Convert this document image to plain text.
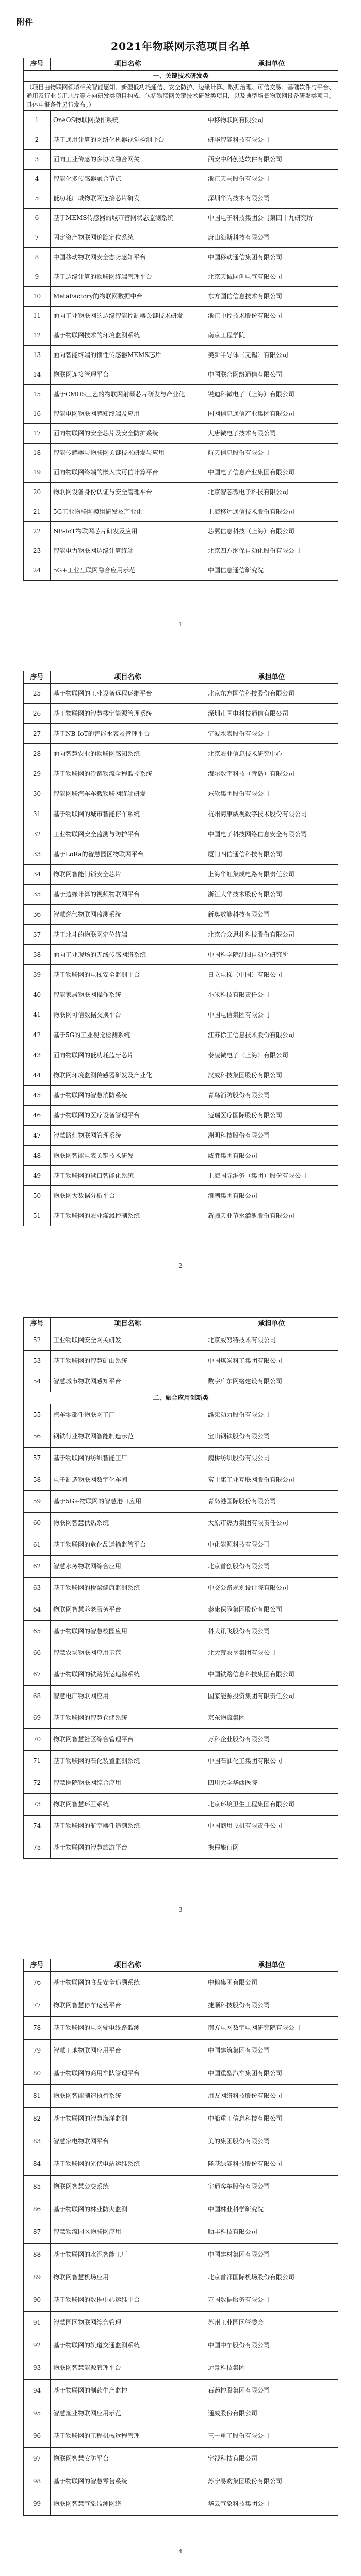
附件
2021年物联网示范项目名单
序号	项目名称	承担单位
一、关键技术研发类		
（项目由物联网领域相关智能感知、新型低功耗通信、安全防护、边缘计算、数据治理、可信交易、基础软件与平台、通用及行业专用芯片等方向研发类项目构成，包括物联网关键技术研发类项目，以及典型场景物联网设备研发类项目。具体申报条件另行发布。）		
1	OneOS物联网操作系统	中移物联网有限公司
2	基于通用计算的网络化机器视觉检测平台	研华智能科技有限公司
3	面向工业传感的多协议融合网关	西安中科创达软件有限公司
4	智能化多传感器融合节点	浙江天马股份有限公司
5	低功耗广域物联网连接芯片研发	深圳华为技术有限公司
6	基于MEMS传感器的城市管网状态监测系统	中国电子科技集团公司第四十九研究所
7	固定资产物联网追踪定位系统	唐山海斯科技有限公司
8	中国移动物联网安全态势感知平台	中国移动通信集团有限公司
9	基于边缘计算的物联网终端管理平台	北京天诚同创电气有限公司
10	MetaFactory的物联网数据中台	东方国信信息技术有限公司
11	面向工业物联网的边缘智能控制器关键技术研发	浙江中控技术股份有限公司
12	基于物联网技术的环境监测系统	南京工程学院
13	面向智能终端的惯性传感器MEMS芯片	美新半导体（无锡）有限公司
14	物联网连接管理平台	中国联合网络通信有限公司
15	基于CMOS工艺的物联网射频芯片研发与产业化	锐迪科微电子（上海）有限公司
16	智能电网物联网感知终端及应用	国网信息通信产业集团有限公司
17	面向物联网的安全芯片及安全防护系统	大唐微电子技术有限公司
18	智能传感器与物联网关键技术研发与应用	航天信息股份有限公司
19	面向物联网终端的嵌入式可信计算平台	中国电子信息产业集团有限公司
20	物联网设备身份认证与安全管理平台	北京智芯微电子科技有限公司
21	5G工业物联网模组研发及产业化	上海移远通信技术股份有限公司
22	NB-IoT物联网芯片研发及应用	芯翼信息科技（上海）有限公司
23	智能电力物联网边缘计算终端	北京四方继保自动化股份有限公司
24	5G+工业互联网融合应用示范	中国信息通信研究院
1
序号	项目名称	承担单位
25	基于物联网的工业设备远程运维平台	北京东方国信科技股份有限公司
26	基于物联网的智慧楼宇能源管理系统	深圳市国电科技通信有限公司
27	基于NB-IoT的智能水表及管理平台	宁波水表股份有限公司
28	面向智慧农业的物联网感知系统	北京农业信息技术研究中心
29	基于物联网的冷链物流全程监控系统	海尔数字科技（青岛）有限公司
30	智能网联汽车车载物联网终端研发	东软集团股份有限公司
31	基于物联网的城市智能停车系统	杭州海康威视数字技术股份有限公司
32	工业物联网安全监测与防护平台	中国电子科技网络信息安全有限公司
33	基于LoRa的智慧园区物联网平台	厦门四信通信科技有限公司
34	物联网智能门锁安全芯片	上海华虹集成电路有限责任公司
35	基于边缘计算的视频物联网平台	浙江大华技术股份有限公司
36	智慧燃气物联网监测系统	新奥数能科技有限公司
37	基于北斗的物联网定位终端	北京合众思壮科技股份有限公司
38	面向工业现场的无线传感网络系统	中国科学院沈阳自动化研究所
39	基于物联网的电梯安全监测平台	日立电梯（中国）有限公司
40	智能家居物联网操作系统	小米科技有限责任公司
41	物联网可信数据交换平台	中国电信集团有限公司
42	基于5G的工业视觉检测系统	江苏徐工信息技术股份有限公司
43	面向物联网的低功耗蓝牙芯片	泰凌微电子（上海）有限公司
44	物联网环境监测传感器研发及产业化	汉威科技集团股份有限公司
45	基于物联网的智慧消防系统	青鸟消防股份有限公司
46	基于物联网的医疗设备管理平台	迈瑞医疗国际股份有限公司
47	智慧路灯物联网管理系统	洲明科技股份有限公司
48	物联网智能电表关键技术研发	威胜集团有限公司
49	基于物联网的港口智能化系统	上海国际港务（集团）股份有限公司
50	物联网大数据分析平台	浪潮集团有限公司
51	基于物联网的农业灌溉控制系统	新疆天业节水灌溉股份有限公司
2
序号	项目名称	承担单位
52	工业物联网安全网关研发	北京威努特技术有限公司
53	基于物联网的智慧矿山系统	中国煤炭科工集团有限公司
54	智慧城市物联网感知平台	数字广东网络建设有限公司
二、融合应用创新类		
55	汽车零部件物联网工厂	潍柴动力股份有限公司
56	钢铁行业物联网智能制造示范	宝山钢铁股份有限公司
57	基于物联网的纺织智能工厂	魏桥纺织股份有限公司
58	电子制造物联网数字化车间	富士康工业互联网股份有限公司
59	基于5G+物联网的智慧港口应用	青岛港国际股份有限公司
60	物联网智慧供热系统	太原市热力集团有限责任公司
61	基于物联网的危化品运输监管平台	中化能源科技有限公司
62	智慧水务物联网综合应用	北京首创股份有限公司
63	基于物联网的桥梁健康监测系统	中交公路规划设计院有限公司
64	物联网智慧养老服务平台	泰康保险集团股份有限公司
65	基于物联网的智慧校园应用	科大讯飞股份有限公司
66	智慧农场物联网应用示范	北大荒农垦集团有限公司
67	基于物联网的铁路货运追踪系统	中国铁路信息科技集团有限公司
68	智慧电厂物联网应用	国家能源投资集团有限责任公司
69	基于物联网的智慧仓储系统	京东物流集团
70	物联网智慧社区综合管理平台	万科企业股份有限公司
71	基于物联网的石化装置监测系统	中国石油化工集团有限公司
72	智慧医院物联网综合应用	四川大学华西医院
73	物联网智慧环卫系统	北京环境卫生工程集团有限公司
74	基于物联网的航空器件追溯系统	中国商用飞机有限责任公司
75	基于物联网的智慧旅游平台	携程旅行网
3
序号	项目名称	承担单位
76	基于物联网的食品安全追溯系统	中粮集团有限公司
77	物联网智慧停车运营平台	捷顺科技股份有限公司
78	基于物联网的电网输电线路监测	南方电网数字电网研究院有限公司
79	智慧工地物联网应用平台	中国建筑集团有限公司
80	基于物联网的商用车队管理平台	中国重型汽车集团有限公司
81	物联网智能制造执行系统	用友网络科技股份有限公司
82	基于物联网的智慧海洋监测	中船重工信息科技有限公司
83	智慧家电物联网平台	美的集团股份有限公司
84	基于物联网的光伏电站运维系统	隆基绿能科技股份有限公司
85	物联网智慧公交系统	宇通客车股份有限公司
86	基于物联网的林业防火监测	中国林业科学研究院
87	智慧物流园区物联网应用	顺丰科技有限公司
88	基于物联网的水泥智能工厂	中国建材集团有限公司
89	物联网智慧机场应用	北京首都国际机场股份有限公司
90	基于物联网的数据中心运维平台	万国数据服务有限公司
91	智慧园区物联网综合管理	苏州工业园区管委会
92	基于物联网的轨道交通监测系统	中国中车股份有限公司
93	物联网智慧能源管理平台	远景科技集团
94	基于物联网的制药生产监控	石药控股集团有限公司
95	智慧渔业物联网应用示范	通威股份有限公司
96	基于物联网的工程机械远程管理	三一重工股份有限公司
97	物联网智慧安防平台	宇视科技有限公司
98	基于物联网的智慧零售系统	苏宁易购集团股份有限公司
99	物联网智慧气象监测网络	华云气象科技集团公司
4
